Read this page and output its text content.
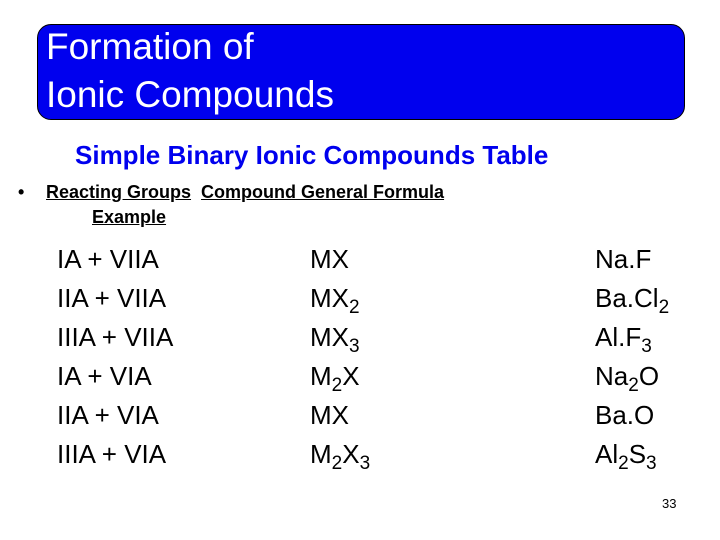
Formation of
Ionic Compounds
Simple Binary Ionic Compounds Table
• Reacting Groups Compound General Formula
Example
IA + VIIA
IIA + VIIA
IIIA + VIIA
IA + VIA
IIA + VIA
IIIA + VIA
MX
$MX_2$
$MX_3$
$M_2X$
MX
$M_2X_3$
Na.F
$Ba.Cl_2$
$Al.F_3$
$Na_2O$
Ba.O
$Al_2S_3$
33
